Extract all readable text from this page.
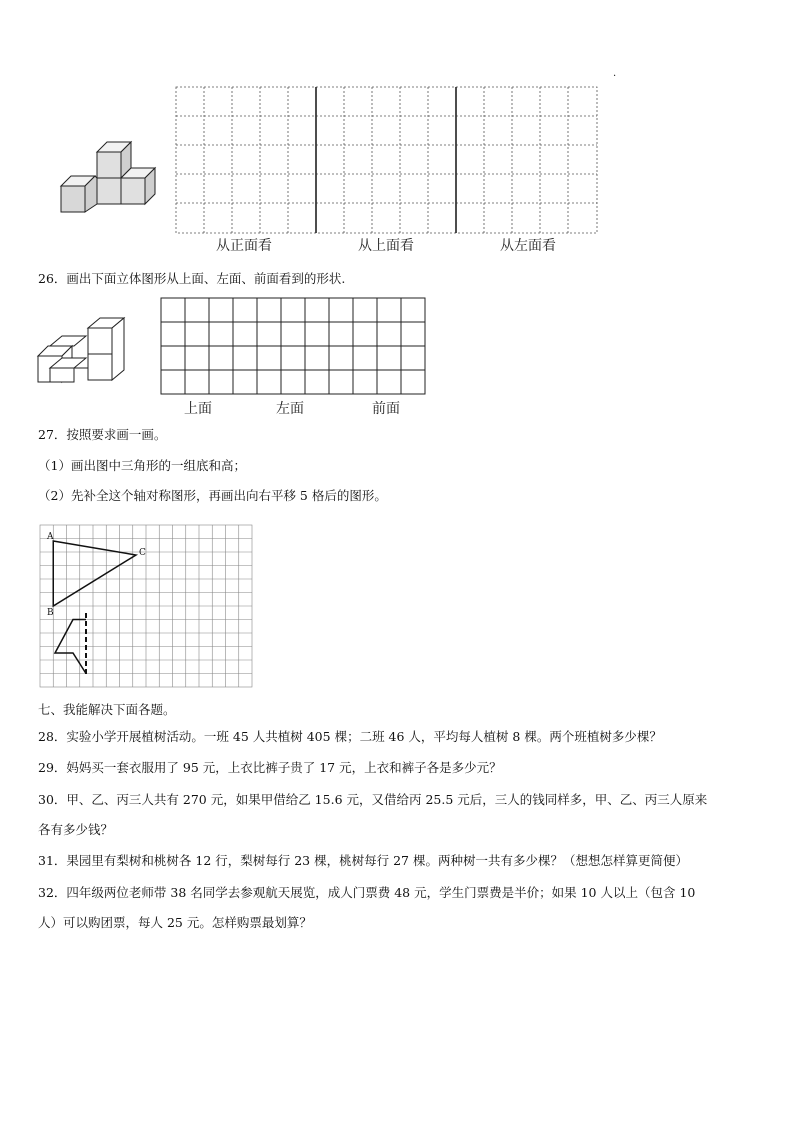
.
从正面看	从上面看	从左面看
26．画出下面立体图形从上面、左面、前面看到的形状.
上面	左面	前面
27．按照要求画一画。
（1）画出图中三角形的一组底和高；
（2）先补全这个轴对称图形，再画出向右平移 5 格后的图形。
A
B
C
七、我能解决下面各题。
28．实验小学开展植树活动。一班 45 人共植树 405 棵；二班 46 人，平均每人植树 8 棵。两个班植树多少棵？
29．妈妈买一套衣服用了 95 元，上衣比裤子贵了 17 元，上衣和裤子各是多少元？
30．甲、乙、丙三人共有 270 元，如果甲借给乙 15.6 元，又借给丙 25.5 元后，三人的钱同样多，甲、乙、丙三人原来
各有多少钱？
31．果园里有梨树和桃树各 12 行，梨树每行 23 棵，桃树每行 27 棵。两种树一共有多少棵？（想想怎样算更简便）
32．四年级两位老师带 38 名同学去参观航天展览，成人门票费 48 元，学生门票费是半价；如果 10 人以上（包含 10
人）可以购团票，每人 25 元。怎样购票最划算？
